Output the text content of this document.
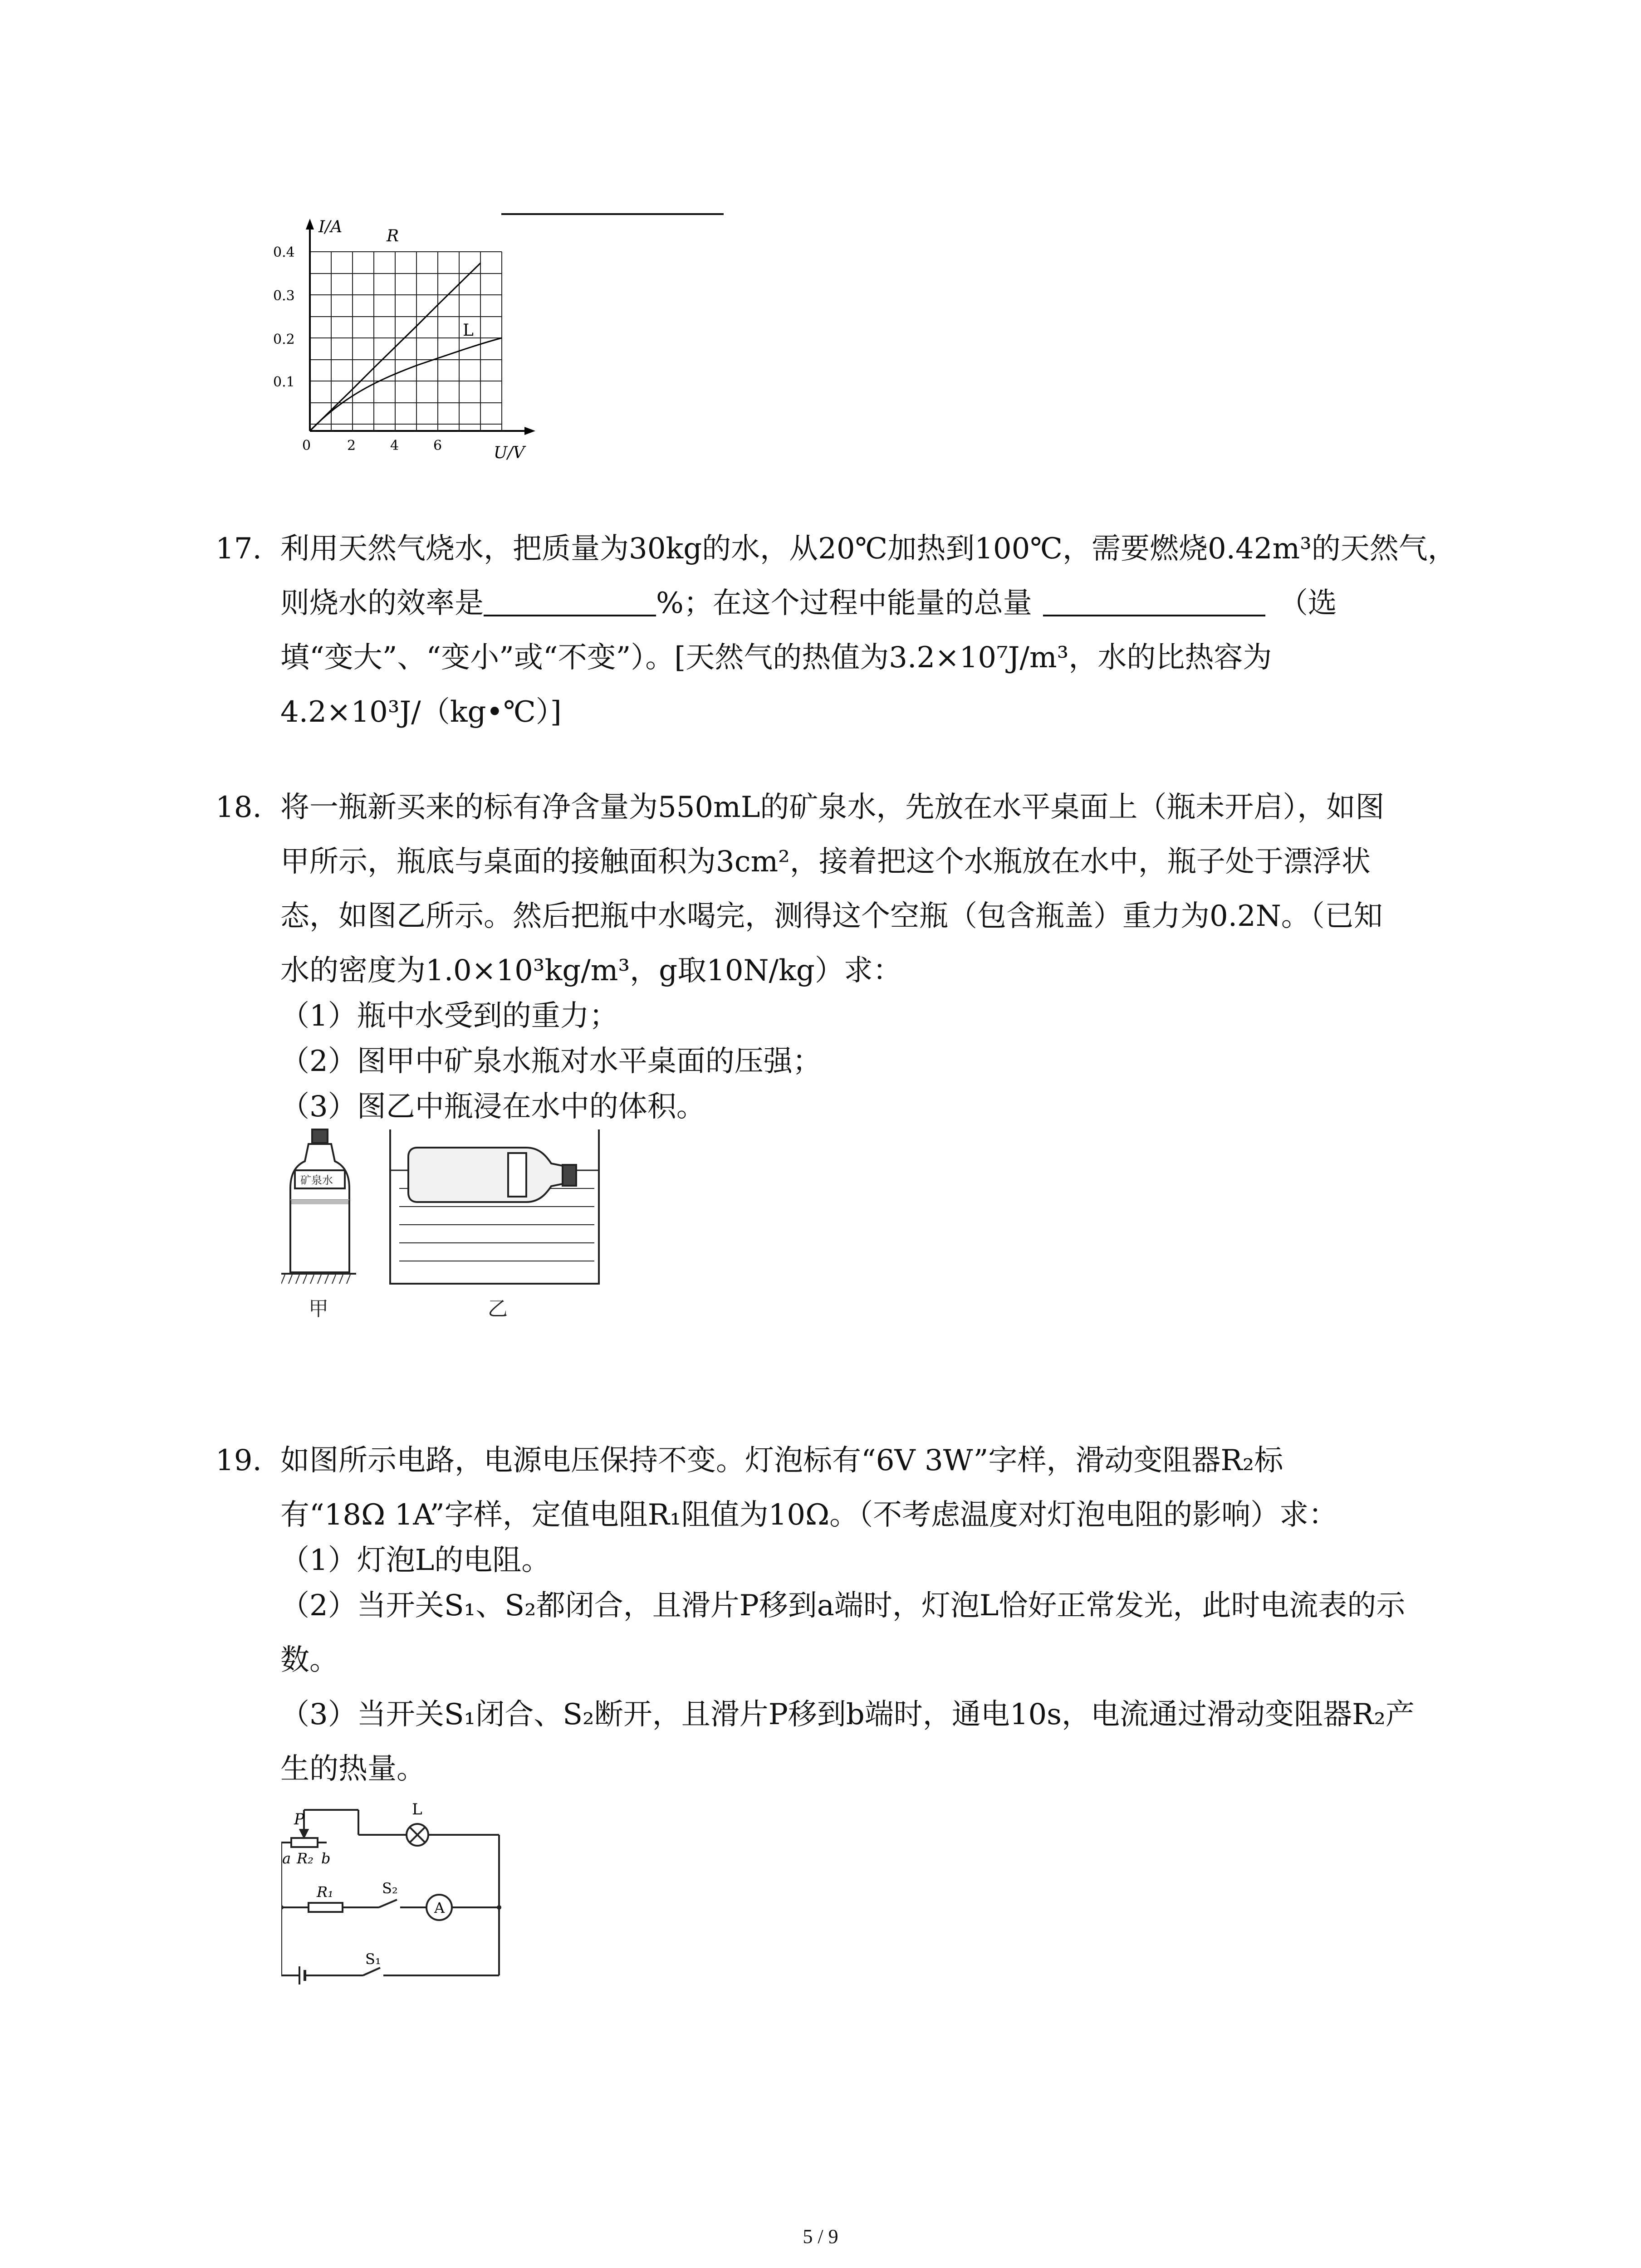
I/A
U/V
0.4
0.3
0.2
0.1
0	2	4	6
R
L
17. 利用天然气烧水，把质量为30kg的水，从20℃加热到100℃，需要燃烧0.42m³的天然气，
则烧水的效率是	%；在这个过程中能量的总量	（选
填“变大”、“变小”或“不变”）。[天然气的热值为3.2×10⁷J/m³，水的比热容为
4.2×10³J/（kg•℃）]
18. 将一瓶新买来的标有净含量为550mL的矿泉水，先放在水平桌面上（瓶未开启），如图
甲所示，瓶底与桌面的接触面积为3cm²，接着把这个水瓶放在水中，瓶子处于漂浮状
态，如图乙所示。然后把瓶中水喝完，测得这个空瓶（包含瓶盖）重力为0.2N。（已知
水的密度为1.0×10³kg/m³，g取10N/kg）求：
（1）瓶中水受到的重力；
（2）图甲中矿泉水瓶对水平桌面的压强；
（3）图乙中瓶浸在水中的体积。
矿泉水
甲	乙
19. 如图所示电路，电源电压保持不变。灯泡标有“6V 3W”字样，滑动变阻器R₂标
有“18Ω 1A”字样，定值电阻R₁阻值为10Ω。（不考虑温度对灯泡电阻的影响）求：
（1）灯泡L的电阻。
（2）当开关S₁、S₂都闭合，且滑片P移到a端时，灯泡L恰好正常发光，此时电流表的示
数。
（3）当开关S₁闭合、S₂断开，且滑片P移到b端时，通电10s，电流通过滑动变阻器R₂产
生的热量。
P
L
a R₂ b
R₁	S₂
A
S₁
5 / 9
